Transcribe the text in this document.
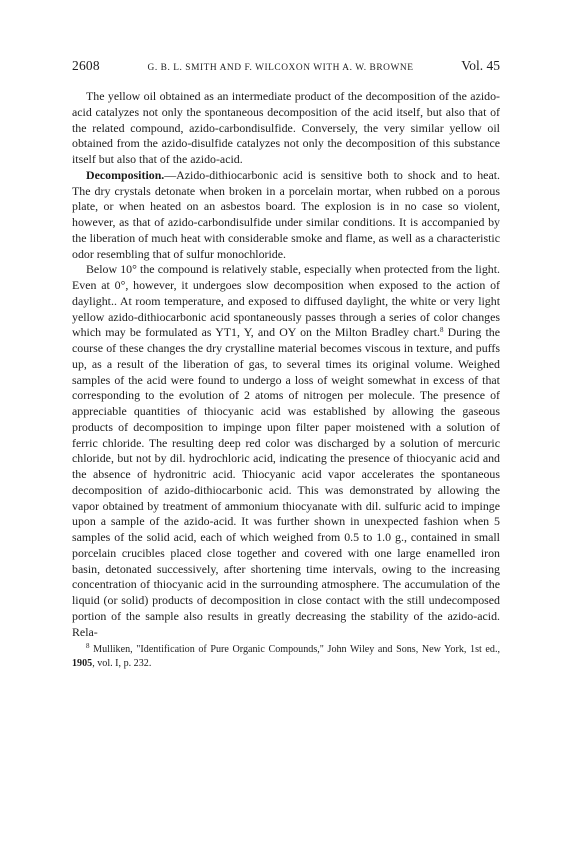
2608	G. B. L. SMITH AND F. WILCOXON WITH A. W. BROWNE	Vol. 45

The yellow oil obtained as an intermediate product of the decomposition of the azido-acid catalyzes not only the spontaneous decomposition of the acid itself, but also that of the related compound, azido-carbondisulfide. Conversely, the very similar yellow oil obtained from the azido-disulfide catalyzes not only the decomposition of this substance itself but also that of the azido-acid.

Decomposition.—Azido-dithiocarbonic acid is sensitive both to shock and to heat. The dry crystals detonate when broken in a porcelain mortar, when rubbed on a porous plate, or when heated on an asbestos board. The explosion is in no case so violent, however, as that of azido-carbondisulfide under similar conditions. It is accompanied by the liberation of much heat with considerable smoke and flame, as well as a characteristic odor resembling that of sulfur monochloride.

Below 10° the compound is relatively stable, especially when protected from the light. Even at 0°, however, it undergoes slow decomposition when exposed to the action of daylight.. At room temperature, and exposed to diffused daylight, the white or very light yellow azido-dithiocarbonic acid spontaneously passes through a series of color changes which may be formulated as YT1, Y, and OY on the Milton Bradley chart.$^8$ During the course of these changes the dry crystalline material becomes viscous in texture, and puffs up, as a result of the liberation of gas, to several times its original volume. Weighed samples of the acid were found to undergo a loss of weight somewhat in excess of that corresponding to the evolution of 2 atoms of nitrogen per molecule. The presence of appreciable quantities of thiocyanic acid was established by allowing the gaseous products of decomposition to impinge upon filter paper moistened with a solution of ferric chloride. The resulting deep red color was discharged by a solution of mercuric chloride, but not by dil. hydrochloric acid, indicating the presence of thiocyanic acid and the absence of hydronitric acid. Thiocyanic acid vapor accelerates the spontaneous decomposition of azido-dithiocarbonic acid. This was demonstrated by allowing the vapor obtained by treatment of ammonium thiocyanate with dil. sulfuric acid to impinge upon a sample of the azido-acid. It was further shown in unexpected fashion when 5 samples of the solid acid, each of which weighed from 0.5 to 1.0 g., contained in small porcelain crucibles placed close together and covered with one large enamelled iron basin, detonated successively, after shortening time intervals, owing to the increasing concentration of thiocyanic acid in the surrounding atmosphere. The accumulation of the liquid (or solid) products of decomposition in close contact with the still undecomposed portion of the sample also results in greatly decreasing the stability of the azido-acid. Rela-

$^8$ Mulliken, "Identification of Pure Organic Compounds," John Wiley and Sons, New York, 1st ed., 1905, vol. I, p. 232.
